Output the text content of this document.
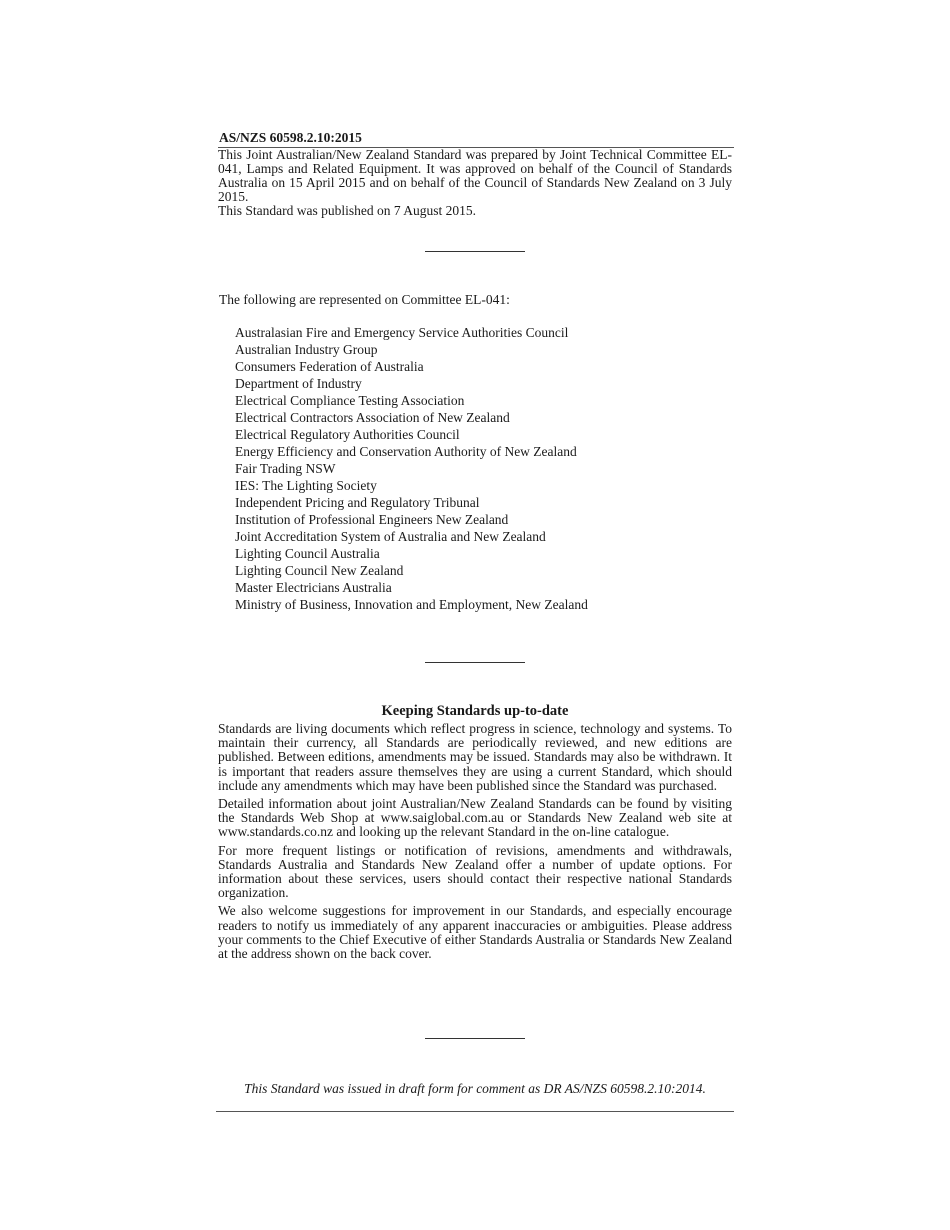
AS/NZS 60598.2.10:2015

This Joint Australian/New Zealand Standard was prepared by Joint Technical Committee EL-041, Lamps and Related Equipment. It was approved on behalf of the Council of Standards Australia on 15 April 2015 and on behalf of the Council of Standards New Zealand on 3 July 2015.

This Standard was published on 7 August 2015.

The following are represented on Committee EL-041:
Australasian Fire and Emergency Service Authorities Council
Australian Industry Group
Consumers Federation of Australia
Department of Industry
Electrical Compliance Testing Association
Electrical Contractors Association of New Zealand
Electrical Regulatory Authorities Council
Energy Efficiency and Conservation Authority of New Zealand
Fair Trading NSW
IES: The Lighting Society
Independent Pricing and Regulatory Tribunal
Institution of Professional Engineers New Zealand
Joint Accreditation System of Australia and New Zealand
Lighting Council Australia
Lighting Council New Zealand
Master Electricians Australia
Ministry of Business, Innovation and Employment, New Zealand
Keeping Standards up-to-date

Standards are living documents which reflect progress in science, technology and systems. To maintain their currency, all Standards are periodically reviewed, and new editions are published. Between editions, amendments may be issued. Standards may also be withdrawn. It is important that readers assure themselves they are using a current Standard, which should include any amendments which may have been published since the Standard was purchased.

Detailed information about joint Australian/New Zealand Standards can be found by visiting the Standards Web Shop at www.saiglobal.com.au or Standards New Zealand web site at www.standards.co.nz and looking up the relevant Standard in the on-line catalogue.

For more frequent listings or notification of revisions, amendments and withdrawals, Standards Australia and Standards New Zealand offer a number of update options. For information about these services, users should contact their respective national Standards organization.

We also welcome suggestions for improvement in our Standards, and especially encourage readers to notify us immediately of any apparent inaccuracies or ambiguities. Please address your comments to the Chief Executive of either Standards Australia or Standards New Zealand at the address shown on the back cover.

This Standard was issued in draft form for comment as DR AS/NZS 60598.2.10:2014.
